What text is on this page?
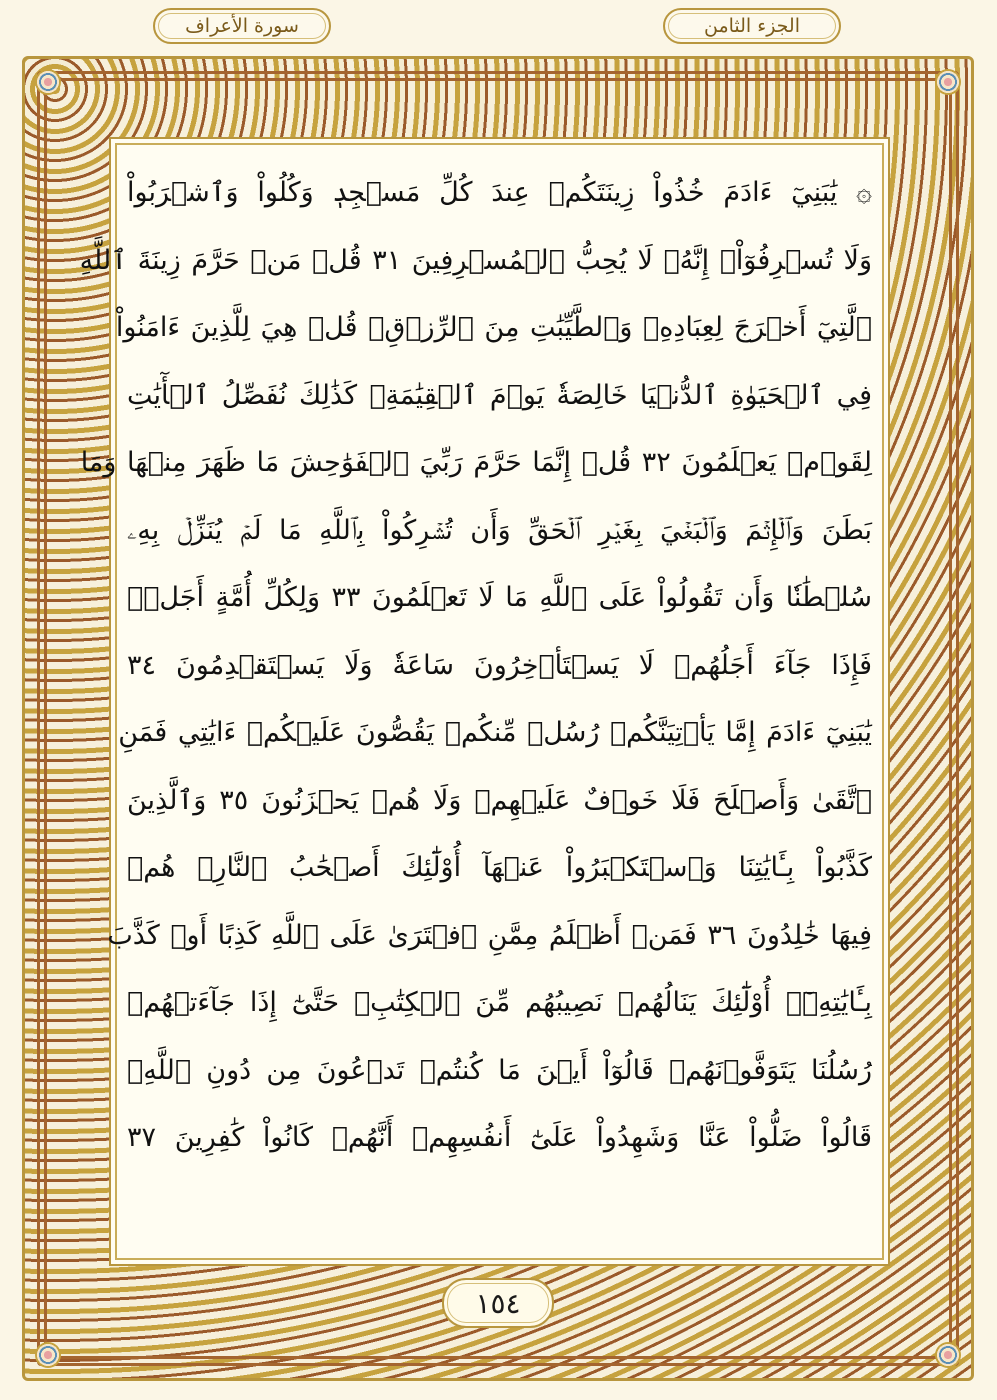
الجزء الثامن
سورة الأعراف
۞ يَٰبَنِيٓ ءَادَمَ خُذُواْ زِينَتَكُمۡ عِندَ كُلِّ مَسۡجِدٖ وَكُلُواْ وَٱشۡرَبُواْ
وَلَا تُسۡرِفُوٓاْۚ إِنَّهُۥ لَا يُحِبُّ ٱلۡمُسۡرِفِينَ ٣١ قُلۡ مَنۡ حَرَّمَ زِينَةَ ٱللَّهِ
ٱلَّتِيٓ أَخۡرَجَ لِعِبَادِهِۦ وَٱلطَّيِّبَٰتِ مِنَ ٱلرِّزۡقِۚ قُلۡ هِيَ لِلَّذِينَ ءَامَنُواْ
فِي ٱلۡحَيَوٰةِ ٱلدُّنۡيَا خَالِصَةٗ يَوۡمَ ٱلۡقِيَٰمَةِۗ كَذَٰلِكَ نُفَصِّلُ ٱلۡأٓيَٰتِ
لِقَوۡمٖ يَعۡلَمُونَ ٣٢ قُلۡ إِنَّمَا حَرَّمَ رَبِّيَ ٱلۡفَوَٰحِشَ مَا ظَهَرَ مِنۡهَا وَمَا
بَطَنَ وَٱلۡإِثۡمَ وَٱلۡبَغۡيَ بِغَيۡرِ ٱلۡحَقِّ وَأَن تُشۡرِكُواْ بِٱللَّهِ مَا لَمۡ يُنَزِّلۡ بِهِۦ
سُلۡطَٰنٗا وَأَن تَقُولُواْ عَلَى ٱللَّهِ مَا لَا تَعۡلَمُونَ ٣٣ وَلِكُلِّ أُمَّةٍ أَجَلٞۖ
فَإِذَا جَآءَ أَجَلُهُمۡ لَا يَسۡتَأۡخِرُونَ سَاعَةٗ وَلَا يَسۡتَقۡدِمُونَ ٣٤
يَٰبَنِيٓ ءَادَمَ إِمَّا يَأۡتِيَنَّكُمۡ رُسُلٞ مِّنكُمۡ يَقُصُّونَ عَلَيۡكُمۡ ءَايَٰتِي فَمَنِ
ٱتَّقَىٰ وَأَصۡلَحَ فَلَا خَوۡفٌ عَلَيۡهِمۡ وَلَا هُمۡ يَحۡزَنُونَ ٣٥ وَٱلَّذِينَ
كَذَّبُواْ بِـَٔايَٰتِنَا وَٱسۡتَكۡبَرُواْ عَنۡهَآ أُوْلَٰٓئِكَ أَصۡحَٰبُ ٱلنَّارِۖ هُمۡ
فِيهَا خَٰلِدُونَ ٣٦ فَمَنۡ أَظۡلَمُ مِمَّنِ ٱفۡتَرَىٰ عَلَى ٱللَّهِ كَذِبًا أَوۡ كَذَّبَ
بِـَٔايَٰتِهِۦٓۚ أُوْلَٰٓئِكَ يَنَالُهُمۡ نَصِيبُهُم مِّنَ ٱلۡكِتَٰبِۖ حَتَّىٰٓ إِذَا جَآءَتۡهُمۡ
رُسُلُنَا يَتَوَفَّوۡنَهُمۡ قَالُوٓاْ أَيۡنَ مَا كُنتُمۡ تَدۡعُونَ مِن دُونِ ٱللَّهِۖ
قَالُواْ ضَلُّواْ عَنَّا وَشَهِدُواْ عَلَىٰٓ أَنفُسِهِمۡ أَنَّهُمۡ كَانُواْ كَٰفِرِينَ ٣٧
١٥٤
